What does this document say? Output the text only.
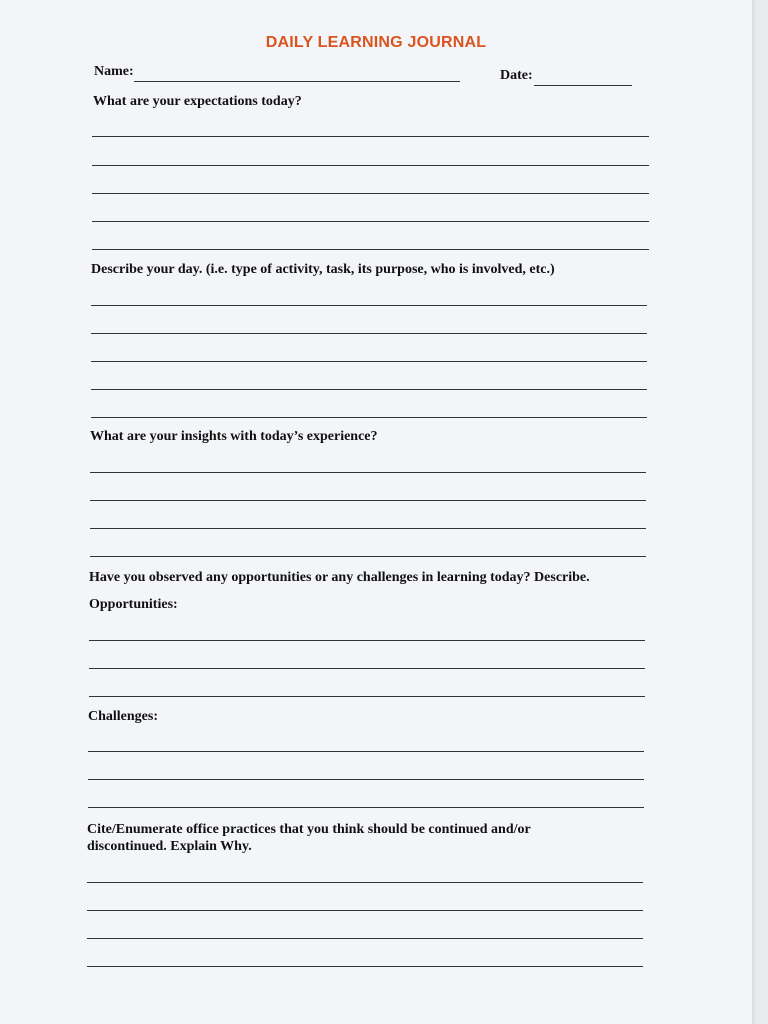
DAILY LEARNING JOURNAL
Name:	Date:
What are your expectations today?
Describe your day. (i.e. type of activity, task, its purpose, who is involved, etc.)
What are your insights with today’s experience?
Have you observed any opportunities or any challenges in learning today? Describe.
Opportunities:
Challenges:
Cite/Enumerate office practices that you think should be continued and/or
discontinued. Explain Why.
